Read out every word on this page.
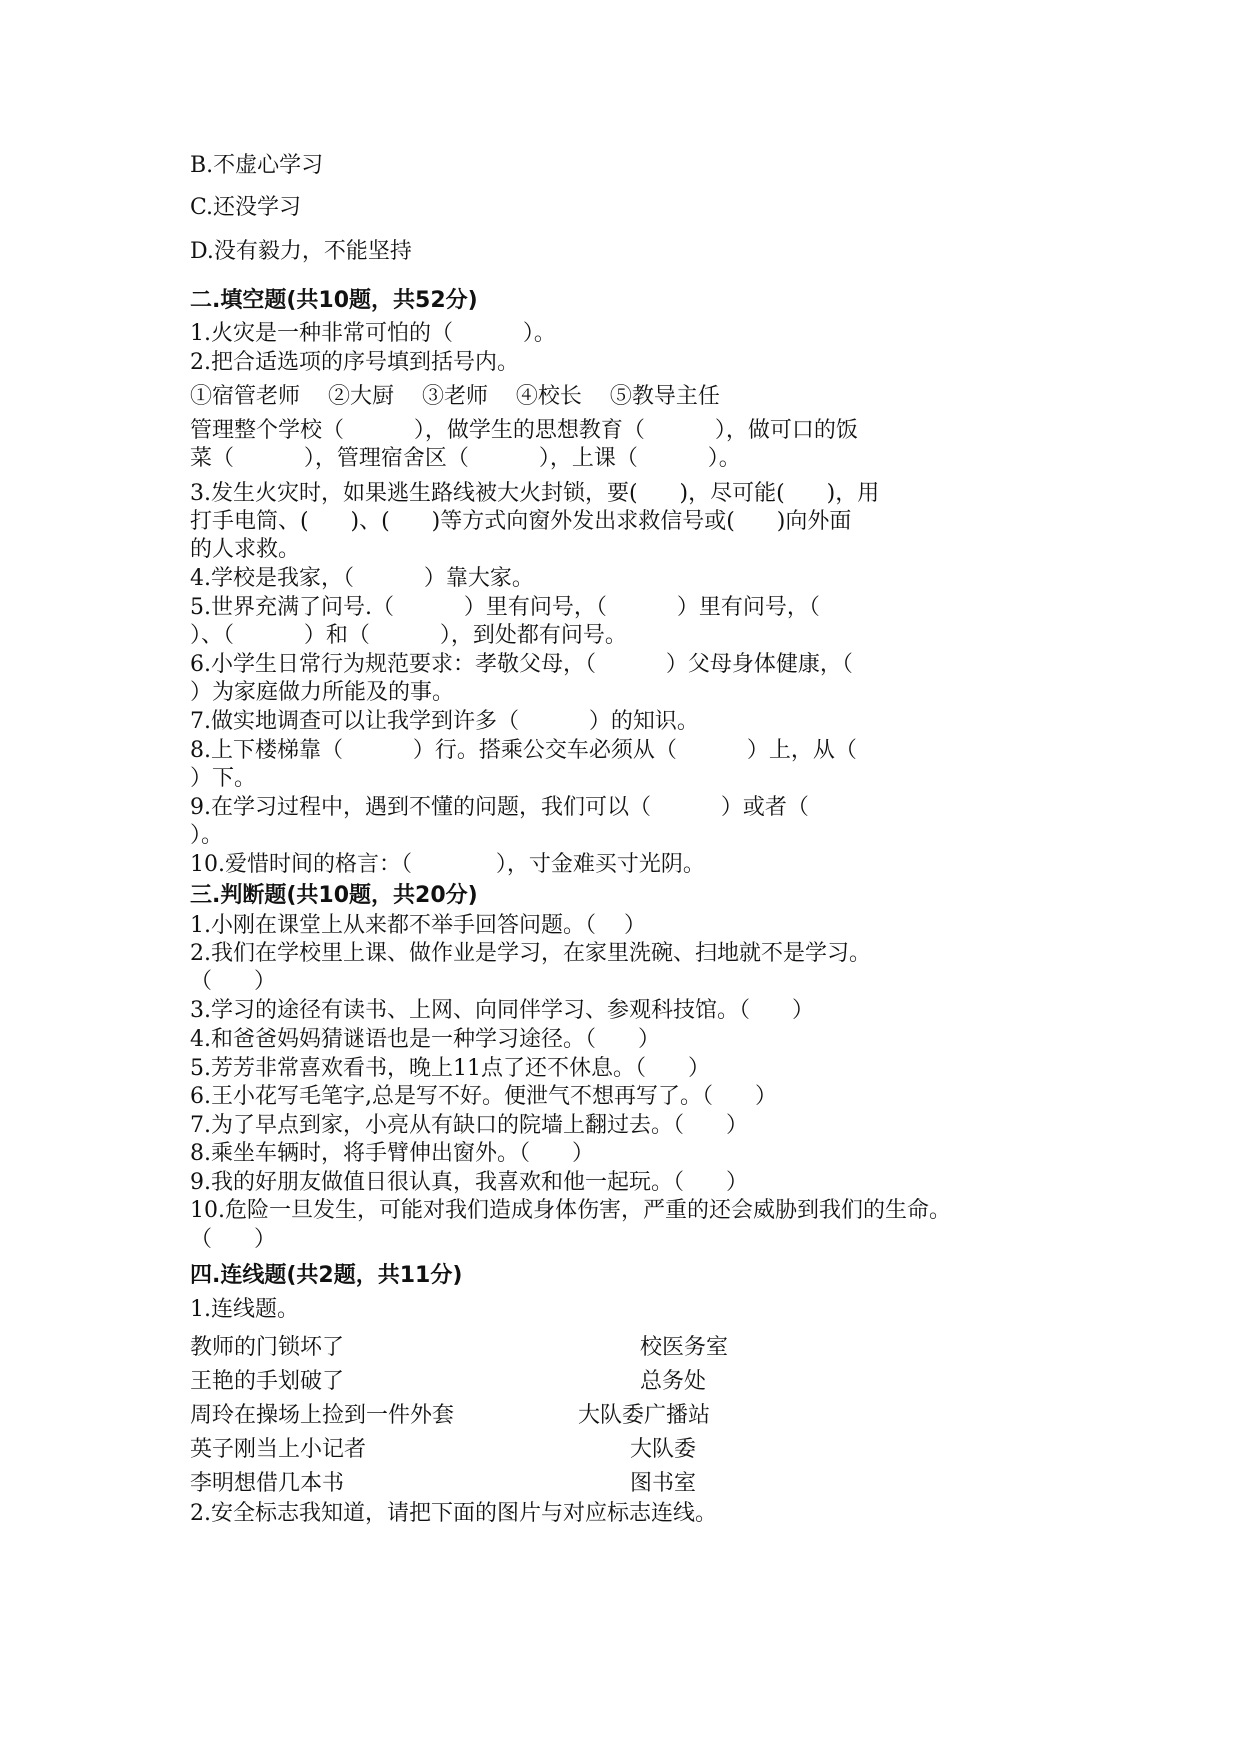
B.不虚心学习
C.还没学习
D.没有毅力，不能坚持
二.填空题(共10题，共52分)
1.火灾是一种非常可怕的（          ）。
2.把合适选项的序号填到括号内。
①宿管老师    ②大厨    ③老师    ④校长    ⑤教导主任
管理整个学校（          ），做学生的思想教育（          ），做可口的饭
菜（          ），管理宿舍区（          ），上课（          ）。
3.发生火灾时，如果逃生路线被大火封锁，要(      )，尽可能(      )，用
打手电筒、(      )、(      )等方式向窗外发出求救信号或(      )向外面
的人求救。
4.学校是我家，（          ）靠大家。
5.世界充满了问号.（          ）里有问号，（          ）里有问号，（
）、（          ）和（          ），到处都有问号。
6.小学生日常行为规范要求：孝敬父母，（          ）父母身体健康，（
）为家庭做力所能及的事。
7.做实地调查可以让我学到许多（          ）的知识。
8.上下楼梯靠（          ）行。搭乘公交车必须从（          ）上，从（
）下。
9.在学习过程中，遇到不懂的问题，我们可以（          ）或者（
）。
10.爱惜时间的格言：（            ），寸金难买寸光阴。
三.判断题(共10题，共20分)
1.小刚在课堂上从来都不举手回答问题。（    ）
2.我们在学校里上课、做作业是学习，在家里洗碗、扫地就不是学习。
（      ）
3.学习的途径有读书、上网、向同伴学习、参观科技馆。（      ）
4.和爸爸妈妈猜谜语也是一种学习途径。（      ）
5.芳芳非常喜欢看书，晚上11点了还不休息。（      ）
6.王小花写毛笔字,总是写不好。便泄气不想再写了。（      ）
7.为了早点到家，小亮从有缺口的院墙上翻过去。（      ）
8.乘坐车辆时，将手臂伸出窗外。（      ）
9.我的好朋友做值日很认真，我喜欢和他一起玩。（      ）
10.危险一旦发生，可能对我们造成身体伤害，严重的还会威胁到我们的生命。
（      ）
四.连线题(共2题，共11分)
1.连线题。
教师的门锁坏了	校医务室
王艳的手划破了	总务处
周玲在操场上捡到一件外套	大队委广播站
英子刚当上小记者	大队委
李明想借几本书	图书室
2.安全标志我知道，请把下面的图片与对应标志连线。
